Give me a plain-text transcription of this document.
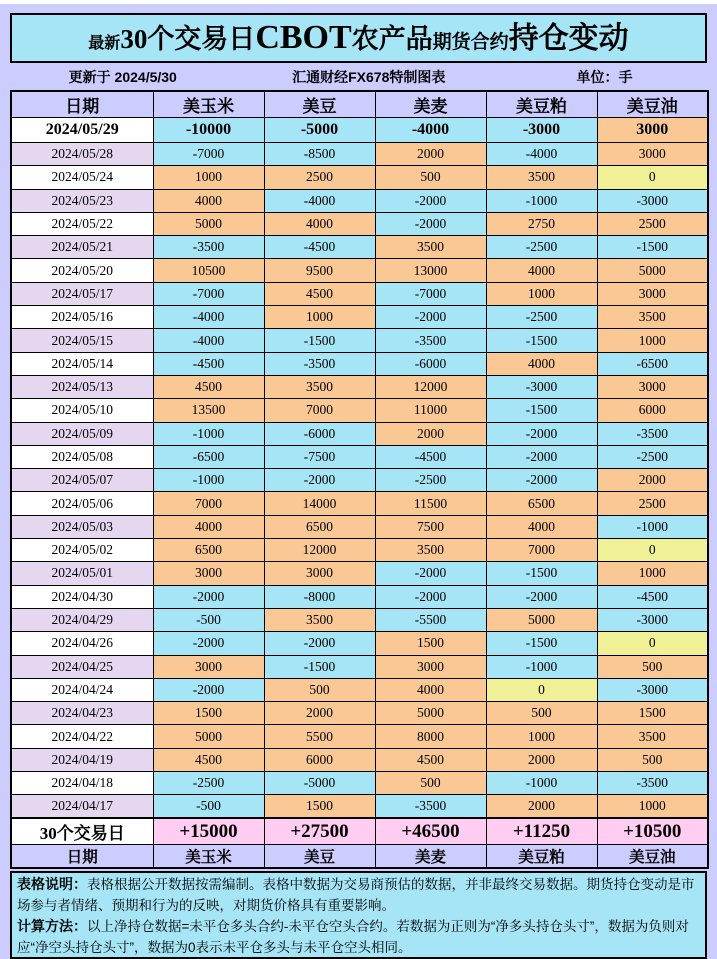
最新 30个交易日 CBOT 农产品 期货合约 持仓变动
更新于 2024/5/30	汇通财经FX678特制图表	单位：手
日期	美玉米	美豆	美麦	美豆粕	美豆油
2024/05/29	-10000	-5000	-4000	-3000	3000
2024/05/28	-7000	-8500	2000	-4000	3000
2024/05/24	1000	2500	500	3500	0
2024/05/23	4000	-4000	-2000	-1000	-3000
2024/05/22	5000	4000	-2000	2750	2500
2024/05/21	-3500	-4500	3500	-2500	-1500
2024/05/20	10500	9500	13000	4000	5000
2024/05/17	-7000	4500	-7000	1000	3000
2024/05/16	-4000	1000	-2000	-2500	3500
2024/05/15	-4000	-1500	-3500	-1500	1000
2024/05/14	-4500	-3500	-6000	4000	-6500
2024/05/13	4500	3500	12000	-3000	3000
2024/05/10	13500	7000	11000	-1500	6000
2024/05/09	-1000	-6000	2000	-2000	-3500
2024/05/08	-6500	-7500	-4500	-2000	-2500
2024/05/07	-1000	-2000	-2500	-2000	2000
2024/05/06	7000	14000	11500	6500	2500
2024/05/03	4000	6500	7500	4000	-1000
2024/05/02	6500	12000	3500	7000	0
2024/05/01	3000	3000	-2000	-1500	1000
2024/04/30	-2000	-8000	-2000	-2000	-4500
2024/04/29	-500	3500	-5500	5000	-3000
2024/04/26	-2000	-2000	1500	-1500	0
2024/04/25	3000	-1500	3000	-1000	500
2024/04/24	-2000	500	4000	0	-3000
2024/04/23	1500	2000	5000	500	1500
2024/04/22	5000	5500	8000	1000	3500
2024/04/19	4500	6000	4500	2000	500
2024/04/18	-2500	-5000	500	-1000	-3500
2024/04/17	-500	1500	-3500	2000	1000
30个交易日	+15000	+27500	+46500	+11250	+10500
日期	美玉米	美豆	美麦	美豆粕	美豆油
表格说明：表格根据公开数据按需编制。表格中数据为交易商预估的数据，并非最终交易数据。期货持仓变动是市场参与者情绪、预期和行为的反映，对期货价格具有重要影响。
计算方法：以上净持仓数据=未平仓多头合约-未平仓空头合约。若数据为正则为“净多头持仓头寸”，数据为负则对应“净空头持仓头寸”，数据为0表示未平仓多头与未平仓空头相同。
